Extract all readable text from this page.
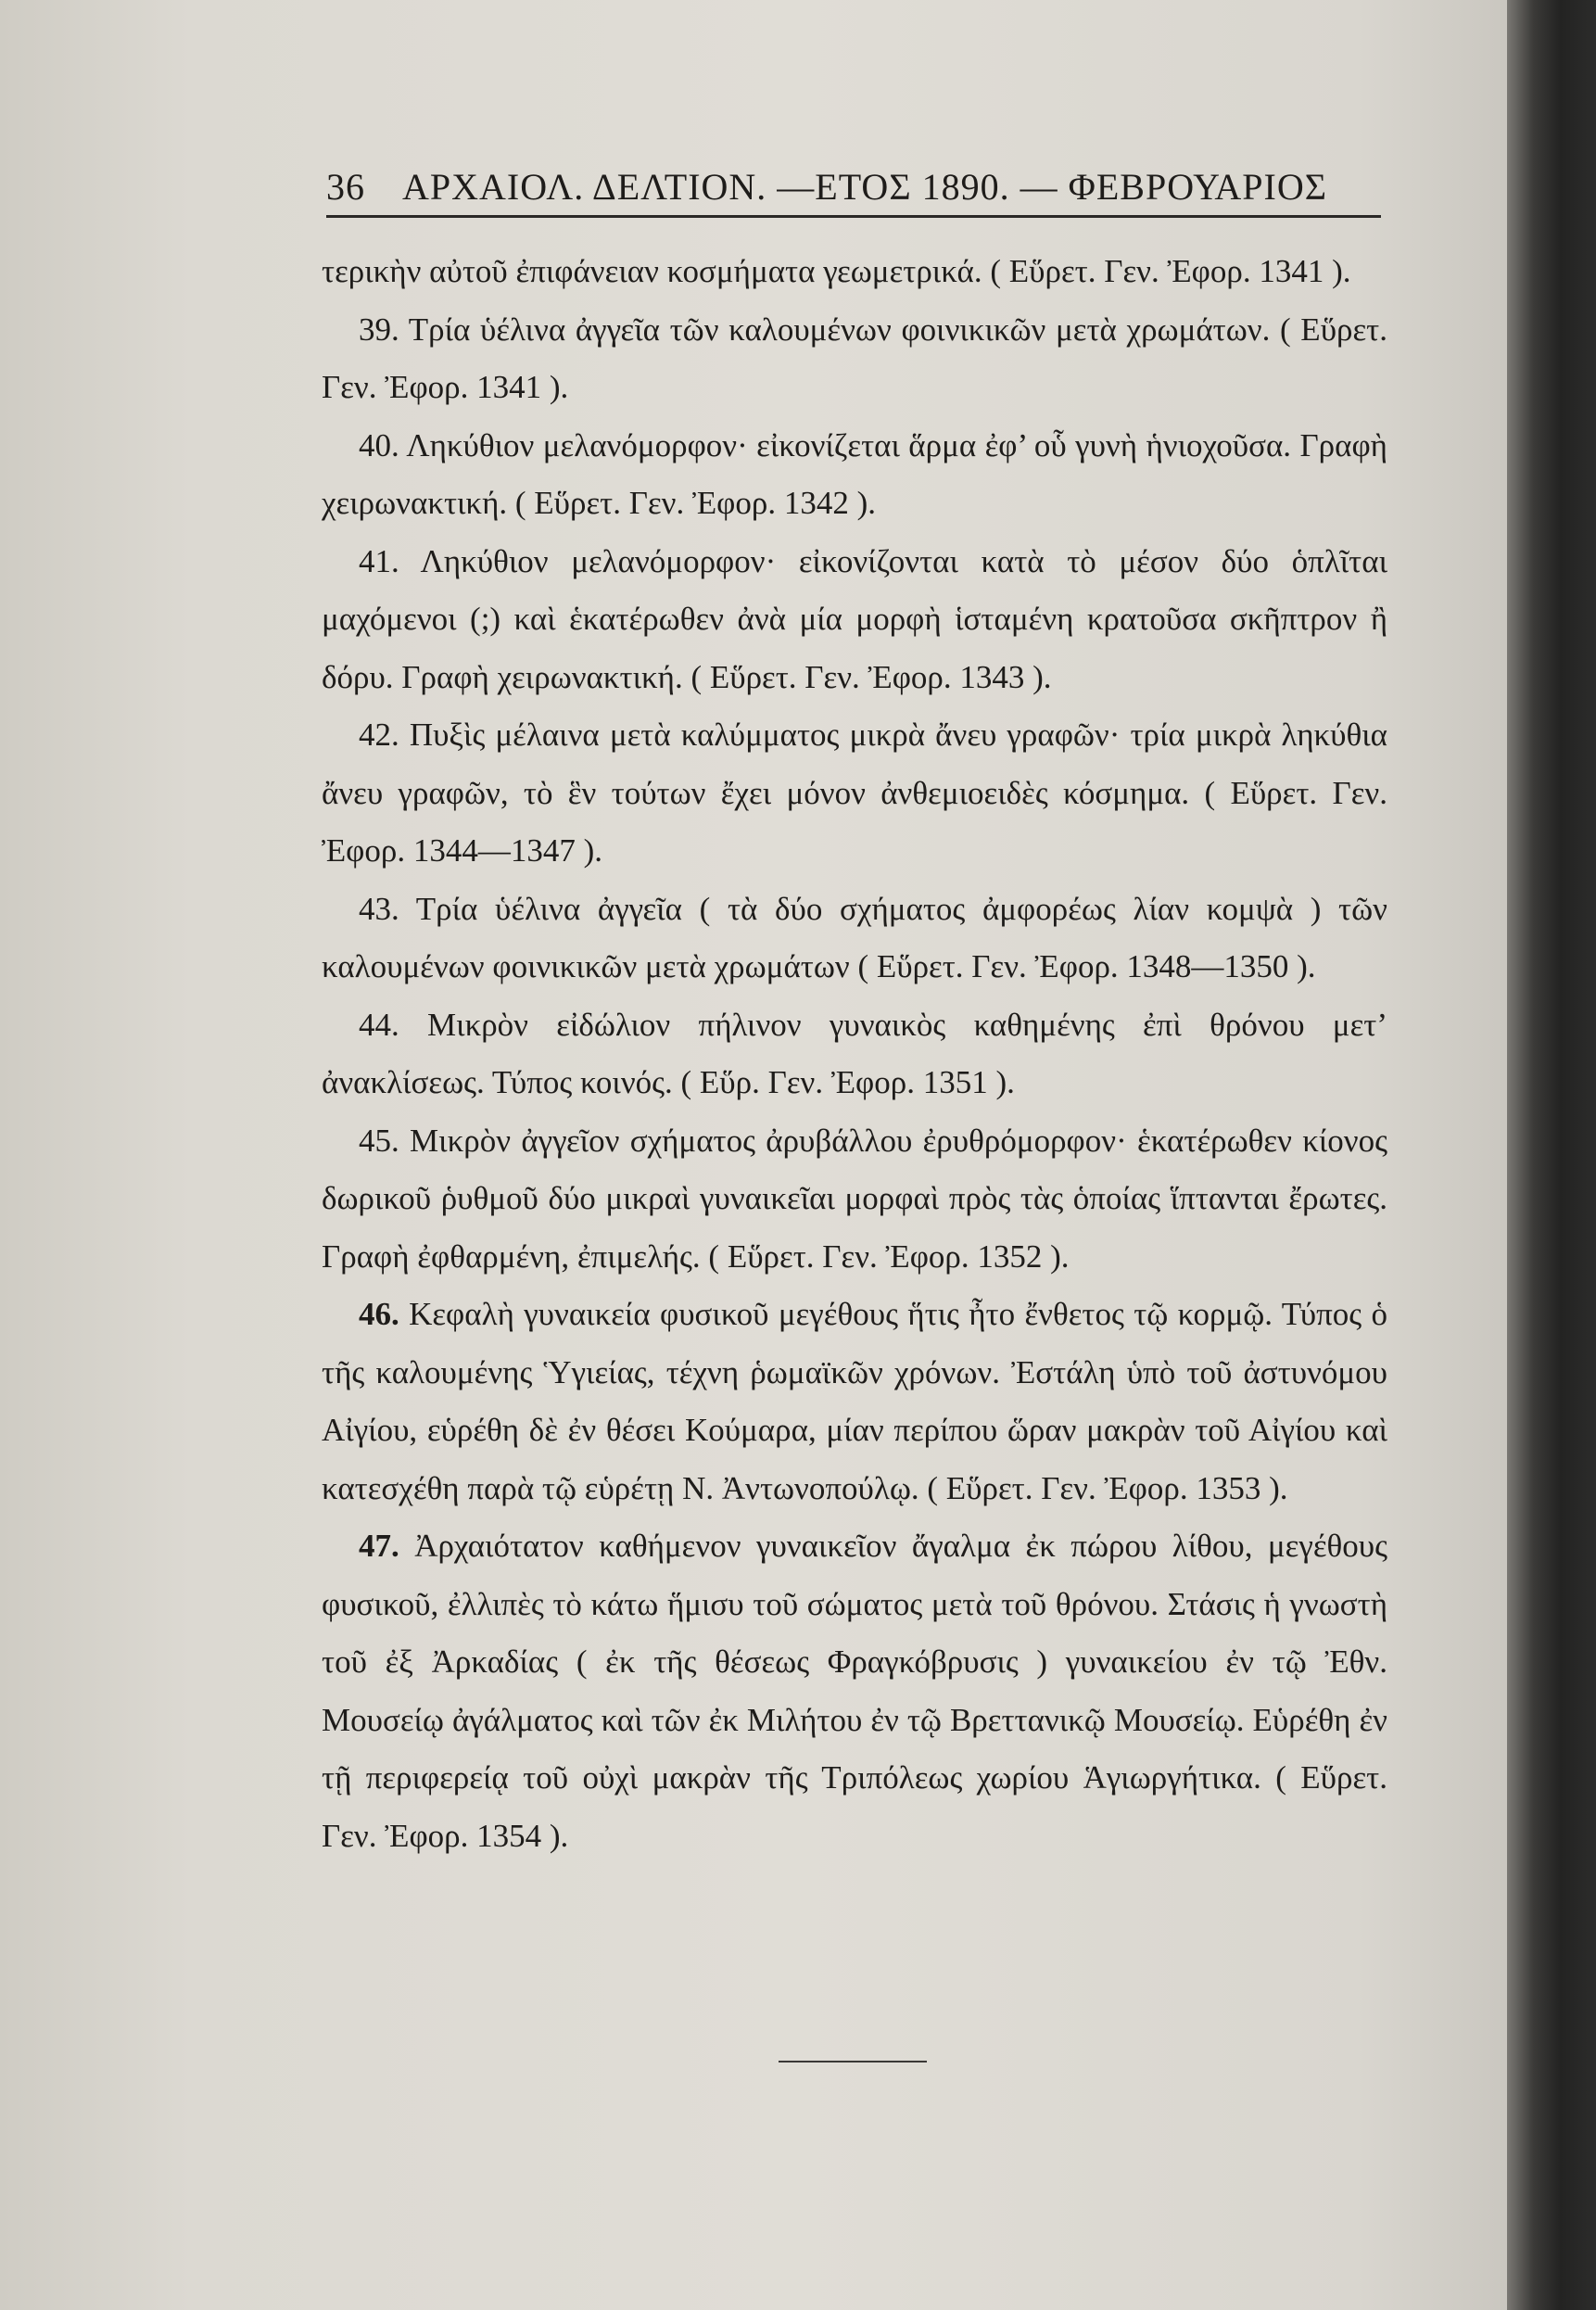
36 ΑΡΧΑΙΟΛ. ΔΕΛΤΙΟΝ. —ΕΤΟΣ 1890. — ΦΕΒΡΟΥΑΡΙΟΣ

τερικὴν αὐτοῦ ἐπιφάνειαν κοσμήματα γεωμετρικά. ( Εὕρετ. Γεν. Ἐφορ. 1341 ).

39. Τρία ὑέλινα ἀγγεῖα τῶν καλουμένων φοινικικῶν μετὰ χρωμάτων. ( Εὕρετ. Γεν. Ἐφορ. 1341 ).

40. Ληκύθιον μελανόμορφον· εἰκονίζεται ἅρμα ἐφ’ οὗ γυνὴ ἡνιοχοῦσα. Γραφὴ χειρωνακτική. ( Εὕρετ. Γεν. Ἐφορ. 1342 ).

41. Ληκύθιον μελανόμορφον· εἰκονίζονται κατὰ τὸ μέσον δύο ὁπλῖται μαχόμενοι (;) καὶ ἑκατέρωθεν ἀνὰ μία μορφὴ ἱσταμένη κρατοῦσα σκῆπτρον ἢ δόρυ. Γραφὴ χειρωνακτική. ( Εὕρετ. Γεν. Ἐφορ. 1343 ).

42. Πυξὶς μέλαινα μετὰ καλύμματος μικρὰ ἄνευ γραφῶν· τρία μικρὰ ληκύθια ἄνευ γραφῶν, τὸ ἓν τούτων ἔχει μόνον ἀνθεμιοειδὲς κόσμημα. ( Εὕρετ. Γεν. Ἐφορ. 1344—1347 ).

43. Τρία ὑέλινα ἀγγεῖα ( τὰ δύο σχήματος ἀμφορέως λίαν κομψὰ ) τῶν καλουμένων φοινικικῶν μετὰ χρωμάτων ( Εὕρετ. Γεν. Ἐφορ. 1348—1350 ).

44. Μικρὸν εἰδώλιον πήλινον γυναικὸς καθημένης ἐπὶ θρόνου μετ’ ἀνακλίσεως. Τύπος κοινός. ( Εὕρ. Γεν. Ἐφορ. 1351 ).

45. Μικρὸν ἀγγεῖον σχήματος ἀρυβάλλου ἐρυθρόμορφον· ἑκατέρωθεν κίονος δωρικοῦ ῥυθμοῦ δύο μικραὶ γυναικεῖαι μορφαὶ πρὸς τὰς ὁποίας ἵπτανται ἔρωτες. Γραφὴ ἐφθαρμένη, ἐπιμελής. ( Εὕρετ. Γεν. Ἐφορ. 1352 ).

46. Κεφαλὴ γυναικεία φυσικοῦ μεγέθους ἥτις ἦτο ἔνθετος τῷ κορμῷ. Τύπος ὁ τῆς καλουμένης Ὑγιείας, τέχνη ῥωμαϊκῶν χρόνων. Ἐστάλη ὑπὸ τοῦ ἀστυνόμου Αἰγίου, εὑρέθη δὲ ἐν θέσει Κούμαρα, μίαν περίπου ὥραν μακρὰν τοῦ Αἰγίου καὶ κατεσχέθη παρὰ τῷ εὑρέτῃ Ν. Ἀντωνοπούλῳ. ( Εὕρετ. Γεν. Ἐφορ. 1353 ).

47. Ἀρχαιότατον καθήμενον γυναικεῖον ἄγαλμα ἐκ πώρου λίθου, μεγέθους φυσικοῦ, ἐλλιπὲς τὸ κάτω ἥμισυ τοῦ σώματος μετὰ τοῦ θρόνου. Στάσις ἡ γνωστὴ τοῦ ἐξ Ἀρκαδίας ( ἐκ τῆς θέσεως Φραγκόβρυσις ) γυναικείου ἐν τῷ Ἐθν. Μουσείῳ ἀγάλματος καὶ τῶν ἐκ Μιλήτου ἐν τῷ Βρεττανικῷ Μουσείῳ. Εὑρέθη ἐν τῇ περιφερείᾳ τοῦ οὐχὶ μακρὰν τῆς Τριπόλεως χωρίου Ἁγιωργήτικα. ( Εὕρετ. Γεν. Ἐφορ. 1354 ).
